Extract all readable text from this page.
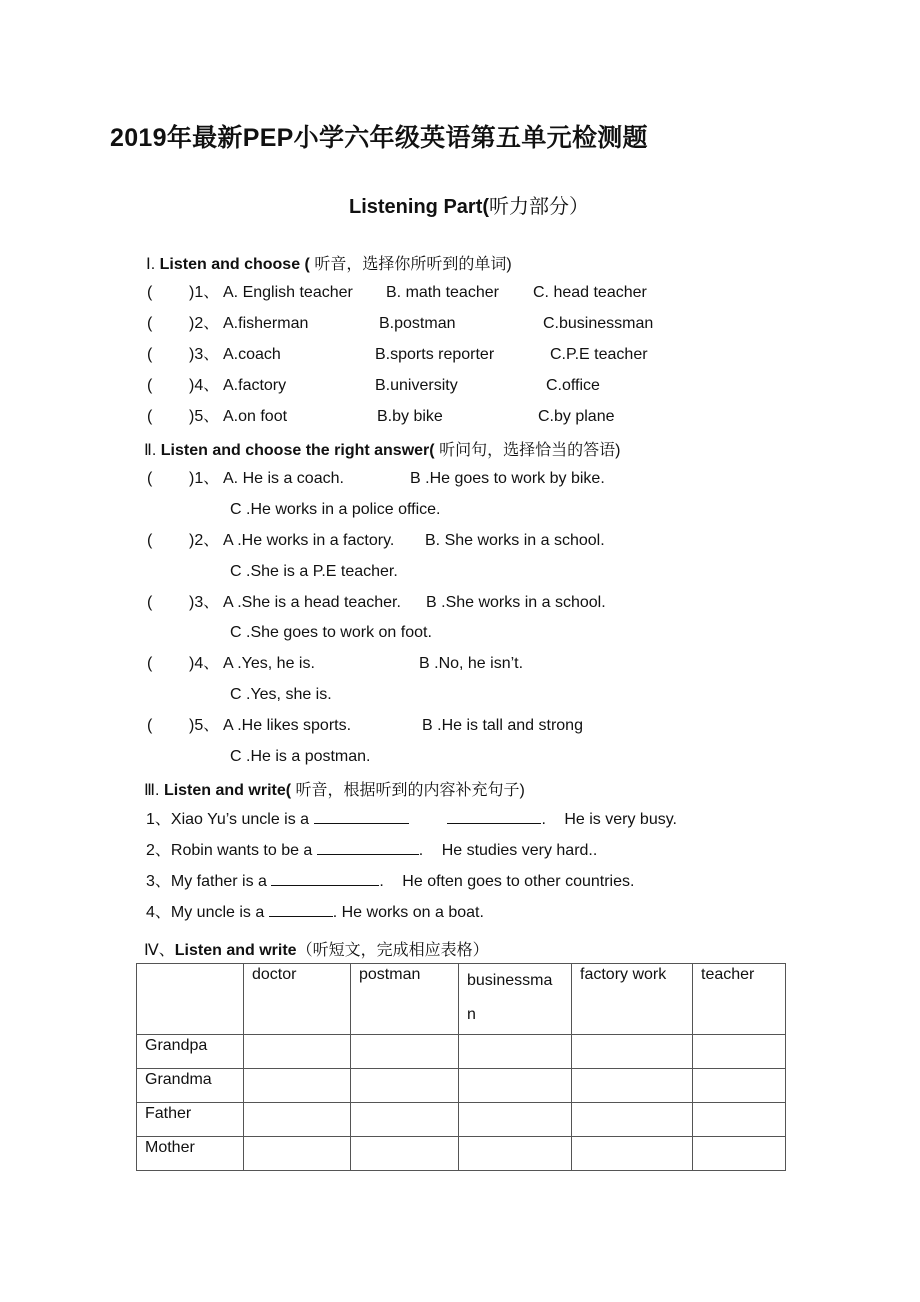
2019年最新PEP小学六年级英语第五单元检测题
Listening Part(听力部分）
Ⅰ. Listen and choose ( 听音，选择你所听到的单词)
( )1、 A. English teacher B. math teacher C. head teacher
( )2、 A.fisherman	B.postman	C.businessman
( )3、 A.coach	B.sports reporter	C.P.E teacher
( )4、 A.factory	B.university	C.office
( )5、 A.on foot	B.by bike	C.by plane
Ⅱ. Listen and choose the right answer( 听问句，选择恰当的答语)
( )1、 A. He is a coach.	B .He goes to work by bike.
C .He works in a police office.
( )2、 A .He works in a factory. B. She works in a school.
C .She is a P.E teacher.
( )3、 A .She is a head teacher. B .She works in a school.
C .She goes to work on foot.
( )4、 A .Yes, he is.	B .No, he isn’t.
C .Yes, she is.
( )5、 A .He likes sports.	B .He is tall and strong
C .He is a postman.
Ⅲ. Listen and write( 听音，根据听到的内容补充句子)
1、Xiao Yu’s uncle is a	. He is very busy.
2、Robin wants to be a	. He studies very hard..
3、My father is a	. He often goes to other countries.
4、My uncle is a	. He works on a boat.
Ⅳ、Listen and write（听短文，完成相应表格）
	doctor	postman	businessma n	factory work	teacher
Grandpa					
Grandma					
Father					
Mother					
